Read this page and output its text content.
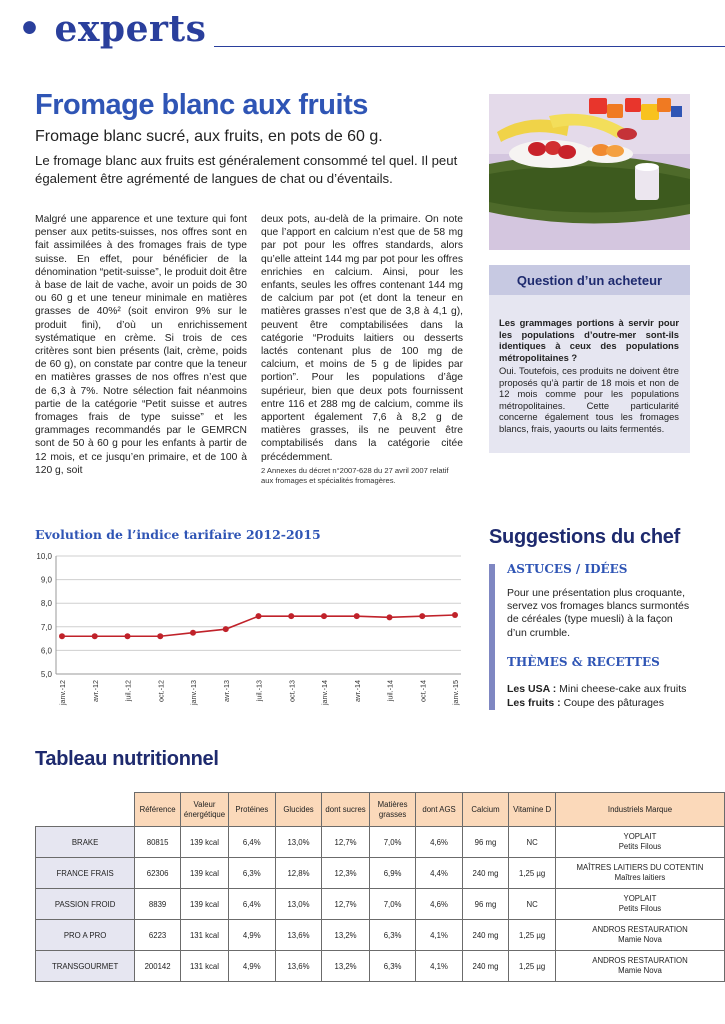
• experts
Fromage blanc aux fruits
Fromage blanc sucré, aux fruits, en pots de 60 g.
Le fromage blanc aux fruits est généralement consommé tel quel. Il peut également être agrémenté de langues de chat ou d’éventails.
Malgré une apparence et une texture qui font penser aux petits-suisses, nos offres sont en fait assimilées à des fromages frais de type suisse. En effet, pour bénéficier de la dénomination “petit-suisse”, le produit doit être à base de lait de vache, avoir un poids de 30 ou 60 g et une teneur minimale en matières grasses de 40%² (soit environ 9% sur le produit fini), d’où un enrichissement systématique en crème. Si trois de ces critères sont bien présents (lait, crème, poids de 60 g), on constate par contre que la teneur en matières grasses de nos offres n’est que de 6,3 à 7%. Notre sélection fait néanmoins partie de la catégorie “Petit suisse et autres fromages frais de type suisse” et les grammages recommandés par le GEMRCN sont de 50 à 60 g pour les enfants à partir de 12 mois, et ce jusqu’en primaire, et de 100 à 120 g, soit
deux pots, au-delà de la primaire. On note que l’apport en calcium n’est que de 58 mg par pot pour les offres standards, alors qu’elle atteint 144 mg par pot pour les offres enrichies en calcium. Ainsi, pour les enfants, seules les offres contenant 144 mg de calcium par pot (et dont la teneur en matières grasses n’est que de 3,8 à 4,1 g), peuvent être comptabilisées dans la catégorie “Produits laitiers ou desserts lactés contenant plus de 100 mg de calcium, et moins de 5 g de lipides par portion”. Pour les populations d’âge supérieur, bien que deux pots fournissent entre 116 et 288 mg de calcium, comme ils apportent également 7,6 à 8,2 g de matières grasses, ils ne peuvent être comptabilisés dans la catégorie citée précédemment.
2 Annexes du décret n°2007-628 du 27 avril 2007 relatif aux fromages et spécialités fromagères.
Question d’un acheteur
Les grammages portions à servir pour les populations d’outre-mer sont-ils identiques à ceux des populations métropolitaines ?
Oui. Toutefois, ces produits ne doivent être proposés qu’à partir de 18 mois et non de 12 mois comme pour les populations métropolitaines. Cette particularité concerne également tous les fromages blancs, frais, yaourts ou laits fermentés.
Evolution de l’indice tarifaire 2012-2015
10,0
9,0
8,0
7,0
6,0
5,0
janv.-12	avr.-12	juil.-12	oct.-12	janv.-13	avr.-13	juil.-13	oct.-13	janv.-14	avr.-14	juil.-14	oct.-14	janv.-15
Suggestions du chef
ASTUCES / IDÉES
Pour une présentation plus croquante, servez vos fromages blancs surmontés de céréales (type muesli) à la façon d’un crumble.
THÈMES & RECETTES
Les USA : Mini cheese-cake aux fruits
Les fruits : Coupe des pâturages
Tableau nutritionnel
	Référence	Valeur énergétique	Protéines	Glucides	dont sucres	Matières grasses	dont AGS	Calcium	Vitamine D	Industriels Marque
BRAKE	80815	139 kcal	6,4%	13,0%	12,7%	7,0%	4,6%	96 mg	NC	YOPLAIT
Petits Filous

FRANCE FRAIS	62306	139 kcal	6,3%	12,8%	12,3%	6,9%	4,4%	240 mg	1,25 µg	MAÎTRES LAITIERS DU COTENTIN
Maîtres laitiers

PASSION FROID	8839	139 kcal	6,4%	13,0%	12,7%	7,0%	4,6%	96 mg	NC	YOPLAIT
Petits Filous

PRO A PRO	6223	131 kcal	4,9%	13,6%	13,2%	6,3%	4,1%	240 mg	1,25 µg	ANDROS RESTAURATION
Mamie Nova

TRANSGOURMET	200142	131 kcal	4,9%	13,6%	13,2%	6,3%	4,1%	240 mg	1,25 µg	ANDROS RESTAURATION
Mamie Nova
